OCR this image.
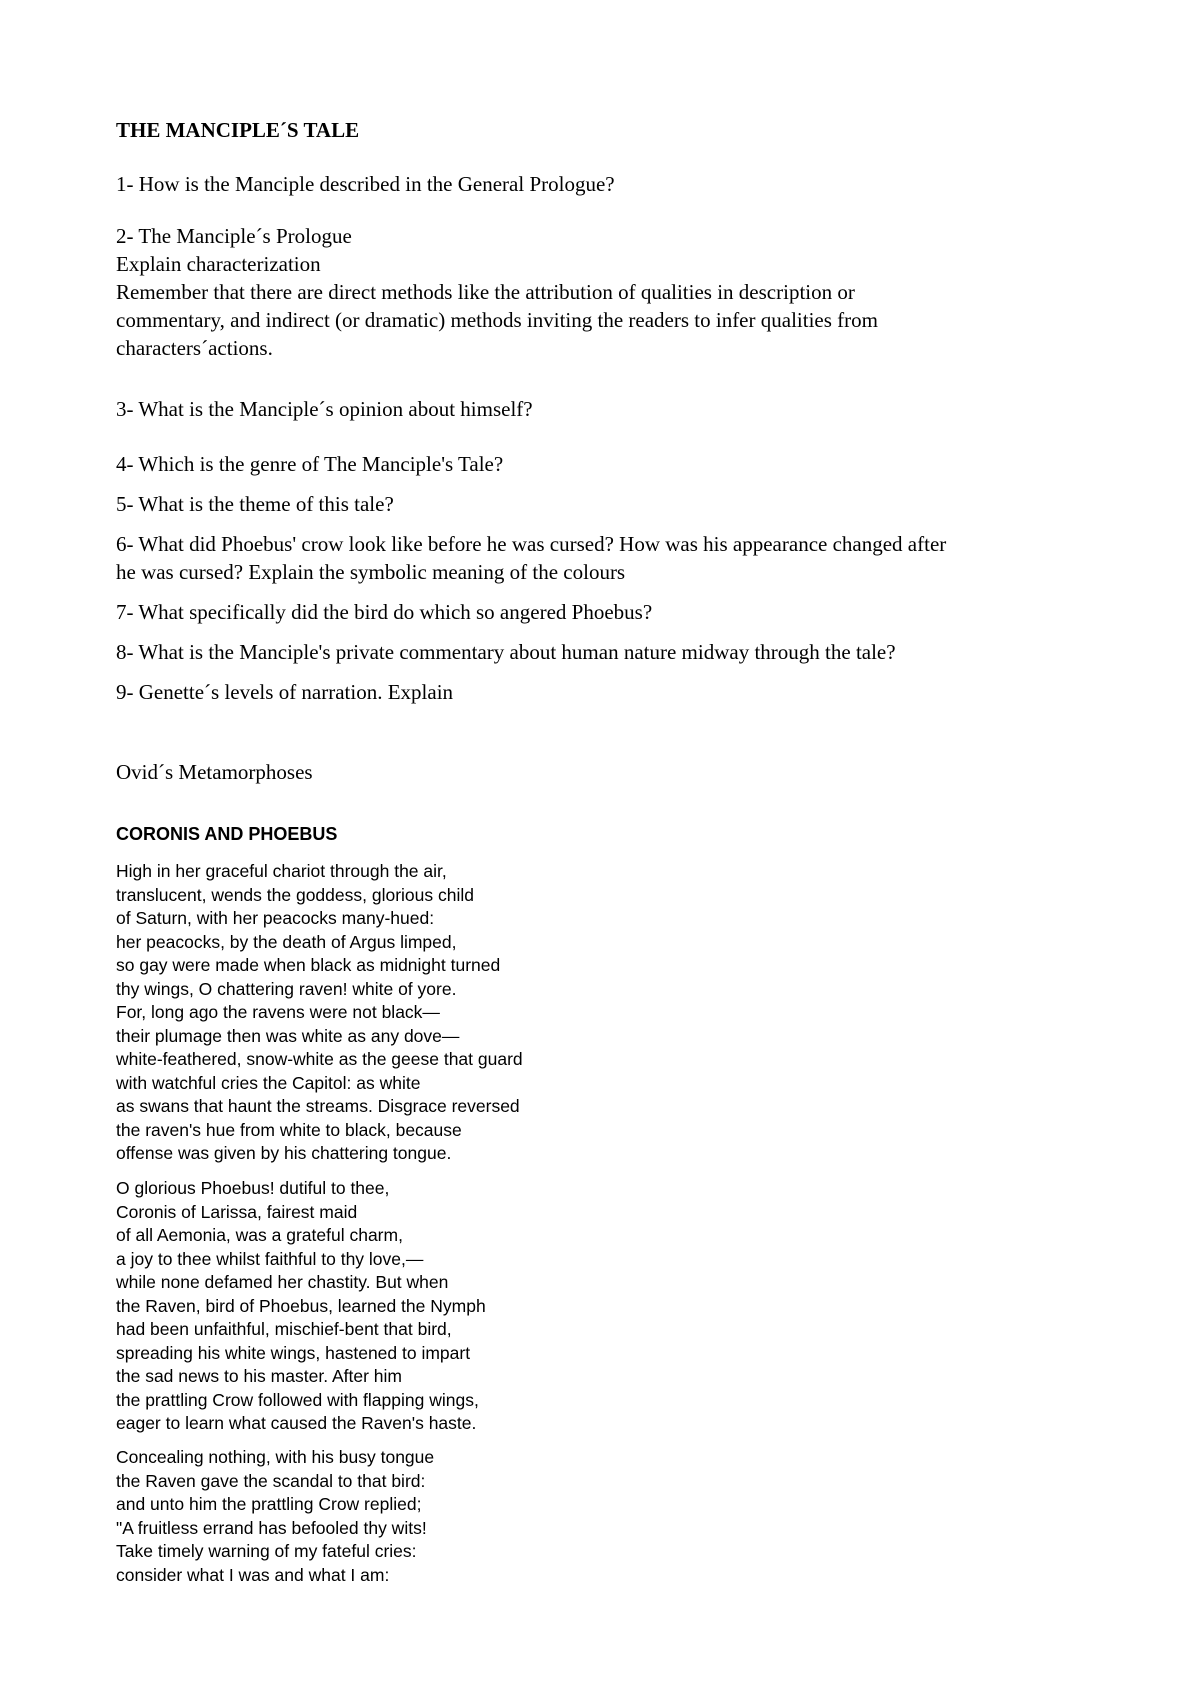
THE MANCIPLE´S TALE

1- How is the Manciple described in the General Prologue?

2- The Manciple´s Prologue
Explain characterization
Remember that there are direct methods like the attribution of qualities in description or
commentary, and indirect (or dramatic) methods inviting the readers to infer qualities from
characters´actions.

3- What is the Manciple´s opinion about himself?

4- Which is the genre of The Manciple's Tale?

5- What is the theme of this tale?

6- What did Phoebus' crow look like before he was cursed? How was his appearance changed after
he was cursed? Explain the symbolic meaning of the colours

7- What specifically did the bird do which so angered Phoebus?

8- What is the Manciple's private commentary about human nature midway through the tale?

9- Genette´s levels of narration. Explain

Ovid´s Metamorphoses

CORONIS AND PHOEBUS
High in her graceful chariot through the air,
translucent, wends the goddess, glorious child
of Saturn, with her peacocks many-hued:
her peacocks, by the death of Argus limped,
so gay were made when black as midnight turned
thy wings, O chattering raven! white of yore.
For, long ago the ravens were not black—
their plumage then was white as any dove—
white-feathered, snow-white as the geese that guard
with watchful cries the Capitol: as white
as swans that haunt the streams. Disgrace reversed
the raven's hue from white to black, because
offense was given by his chattering tongue.
O glorious Phoebus! dutiful to thee,
Coronis of Larissa, fairest maid
of all Aemonia, was a grateful charm,
a joy to thee whilst faithful to thy love,—
while none defamed her chastity. But when
the Raven, bird of Phoebus, learned the Nymph
had been unfaithful, mischief-bent that bird,
spreading his white wings, hastened to impart
the sad news to his master. After him
the prattling Crow followed with flapping wings,
eager to learn what caused the Raven's haste.
Concealing nothing, with his busy tongue
the Raven gave the scandal to that bird:
and unto him the prattling Crow replied;
"A fruitless errand has befooled thy wits!
Take timely warning of my fateful cries:
consider what I was and what I am:
